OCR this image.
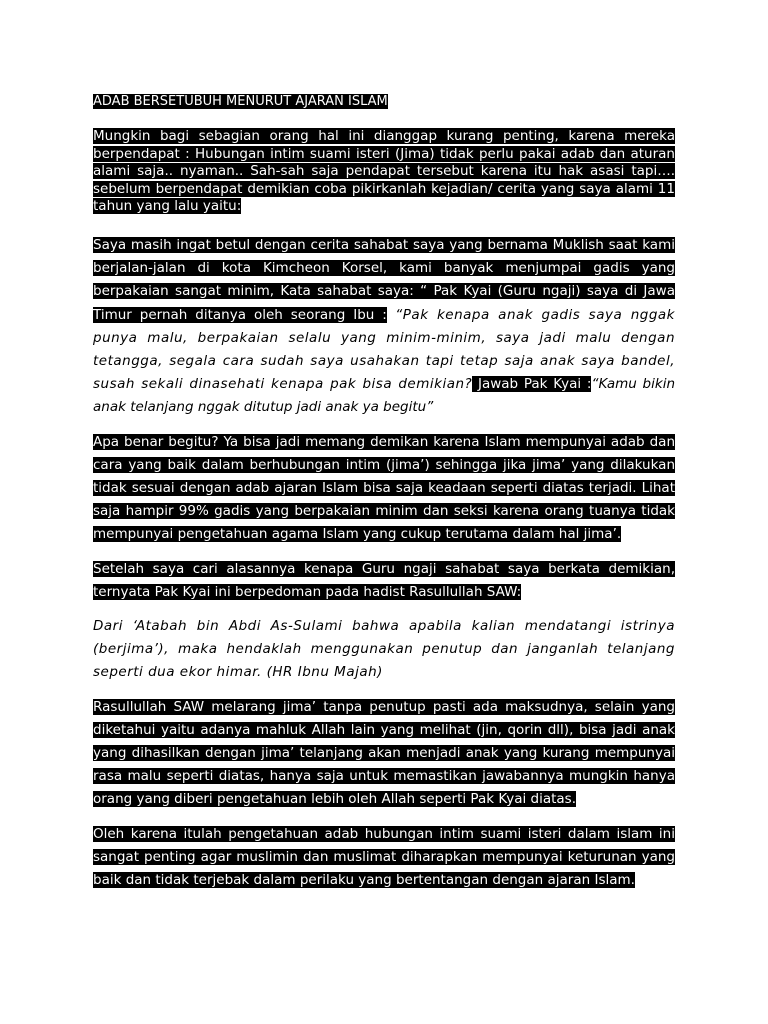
ADAB BERSETUBUH MENURUT AJARAN ISLAM

Mungkin bagi sebagian orang hal ini dianggap kurang penting, karena mereka berpendapat : Hubungan intim suami isteri (Jima) tidak perlu pakai adab dan aturan alami saja.. nyaman.. Sah-sah saja pendapat tersebut karena itu hak asasi tapi…. sebelum berpendapat demikian coba pikirkanlah kejadian/ cerita yang saya alami 11 tahun yang lalu yaitu:

Saya masih ingat betul dengan cerita sahabat saya yang bernama Muklish saat kami berjalan-jalan di kota Kimcheon Korsel, kami banyak menjumpai gadis yang berpakaian sangat minim, Kata sahabat saya: “ Pak Kyai (Guru ngaji) saya di Jawa Timur pernah ditanya oleh seorang Ibu : “Pak kenapa anak gadis saya nggak punya malu, berpakaian selalu yang minim-minim, saya jadi malu dengan tetangga, segala cara sudah saya usahakan tapi tetap saja anak saya bandel, susah sekali dinasehati kenapa pak bisa demikian? Jawab Pak Kyai :“Kamu bikin anak telanjang nggak ditutup jadi anak ya begitu”

Apa benar begitu? Ya bisa jadi memang demikan karena Islam mempunyai adab dan cara yang baik dalam berhubungan intim (jima’) sehingga jika jima’ yang dilakukan tidak sesuai dengan adab ajaran Islam bisa saja keadaan seperti diatas terjadi. Lihat saja hampir 99% gadis yang berpakaian minim dan seksi karena orang tuanya tidak mempunyai pengetahuan agama Islam yang cukup terutama dalam hal jima’.

Setelah saya cari alasannya kenapa Guru ngaji sahabat saya berkata demikian, ternyata Pak Kyai ini berpedoman pada hadist Rasullullah SAW:

Dari ‘Atabah bin Abdi As-Sulami bahwa apabila kalian mendatangi istrinya (berjima’), maka hendaklah menggunakan penutup dan janganlah telanjang seperti dua ekor himar. (HR Ibnu Majah)

Rasullullah SAW melarang jima’ tanpa penutup pasti ada maksudnya, selain yang diketahui yaitu adanya mahluk Allah lain yang melihat (jin, qorin dll), bisa jadi anak yang dihasilkan dengan jima’ telanjang akan menjadi anak yang kurang mempunyai rasa malu seperti diatas, hanya saja untuk memastikan jawabannya mungkin hanya orang yang diberi pengetahuan lebih oleh Allah seperti Pak Kyai diatas.

Oleh karena itulah pengetahuan adab hubungan intim suami isteri dalam islam ini sangat penting agar muslimin dan muslimat diharapkan mempunyai keturunan yang baik dan tidak terjebak dalam perilaku yang bertentangan dengan ajaran Islam.
